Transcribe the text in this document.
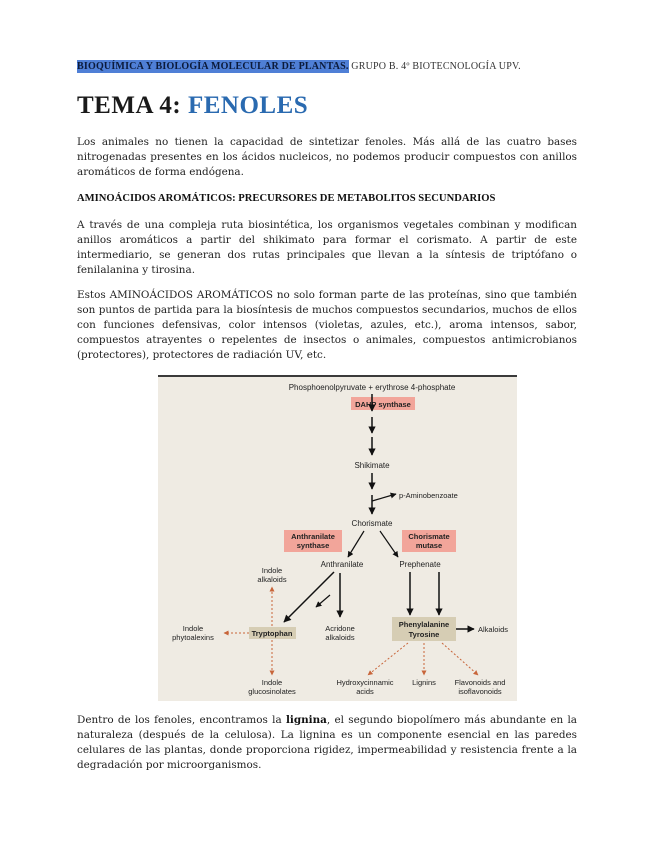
BIOQUÍMICA Y BIOLOGÍA MOLECULAR DE PLANTAS. GRUPO B. 4º BIOTECNOLOGÍA UPV.
TEMA 4: FENOLES
Los animales no tienen la capacidad de sintetizar fenoles. Más allá de las cuatro bases nitrogenadas presentes en los ácidos nucleicos, no podemos producir compuestos con anillos aromáticos de forma endógena.
AMINOÁCIDOS AROMÁTICOS: PRECURSORES DE METABOLITOS SECUNDARIOS
A través de una compleja ruta biosintética, los organismos vegetales combinan y modifican anillos aromáticos a partir del shikimato para formar el corismato. A partir de este intermediario, se generan dos rutas principales que llevan a la síntesis de triptófano o fenilalanina y tirosina.
Estos AMINOÁCIDOS AROMÁTICOS no solo forman parte de las proteínas, sino que también son puntos de partida para la biosíntesis de muchos compuestos secundarios, muchos de ellos con funciones defensivas, color intensos (violetas, azules, etc.), aroma intensos, sabor, compuestos atrayentes o repelentes de insectos o animales, compuestos antimicrobianos (protectores), protectores de radiación UV, etc.
Phosphoenolpyruvate + erythrose 4-phosphate
DAHP synthase
Shikimate
p-Aminobenzoate
Chorismate
Anthranilate
synthase
Chorismate
mutase
Anthranilate	Prephenate
Indole
alkaloids
Tryptophan
Indole
phytoalexins
Acridone
alkaloids
Indole
glucosinolates
Phenylalanine
Tyrosine
Alkaloids
Hydroxycinnamic
acids
Lignins Flavonoids and
isoflavonoids
Dentro de los fenoles, encontramos la lignina, el segundo biopolímero más abundante en la naturaleza (después de la celulosa). La lignina es un componente esencial en las paredes celulares de las plantas, donde proporciona rigidez, impermeabilidad y resistencia frente a la degradación por microorganismos.
